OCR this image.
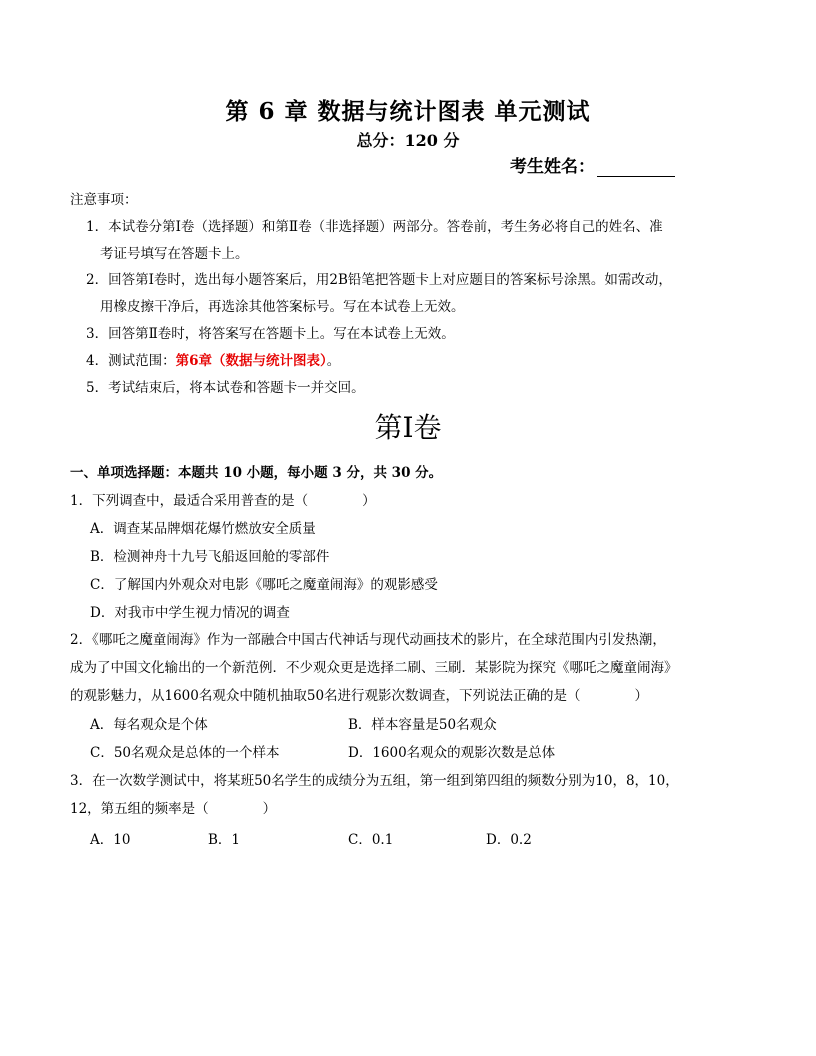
第 6 章 数据与统计图表 单元测试
总分：120 分
考生姓名：
注意事项：
1．本试卷分第Ⅰ卷（选择题）和第Ⅱ卷（非选择题）两部分。答卷前，考生务必将自己的姓名、准
考证号填写在答题卡上。
2．回答第Ⅰ卷时，选出每小题答案后，用2B铅笔把答题卡上对应题目的答案标号涂黑。如需改动，
用橡皮擦干净后，再选涂其他答案标号。写在本试卷上无效。
3．回答第Ⅱ卷时，将答案写在答题卡上。写在本试卷上无效。
4．测试范围：第6章（数据与统计图表）。
5．考试结束后，将本试卷和答题卡一并交回。
第Ⅰ卷
一、单项选择题：本题共 10 小题，每小题 3 分，共 30 分。
1．下列调查中，最适合采用普查的是（　　　　）
A．调查某品牌烟花爆竹燃放安全质量
B．检测神舟十九号飞船返回舱的零部件
C．了解国内外观众对电影《哪吒之魔童闹海》的观影感受
D．对我市中学生视力情况的调查
2．《哪吒之魔童闹海》作为一部融合中国古代神话与现代动画技术的影片，在全球范围内引发热潮，
成为了中国文化输出的一个新范例．不少观众更是选择二刷、三刷．某影院为探究《哪吒之魔童闹海》
的观影魅力，从1600名观众中随机抽取50名进行观影次数调查，下列说法正确的是（　　　　）
A．每名观众是个体	B．样本容量是50名观众
C．50名观众是总体的一个样本	D．1600名观众的观影次数是总体
3．在一次数学测试中，将某班50名学生的成绩分为五组，第一组到第四组的频数分别为10，8，10，
12，第五组的频率是（　　　　）
A．10	B．1	C．0.1	D．0.2
